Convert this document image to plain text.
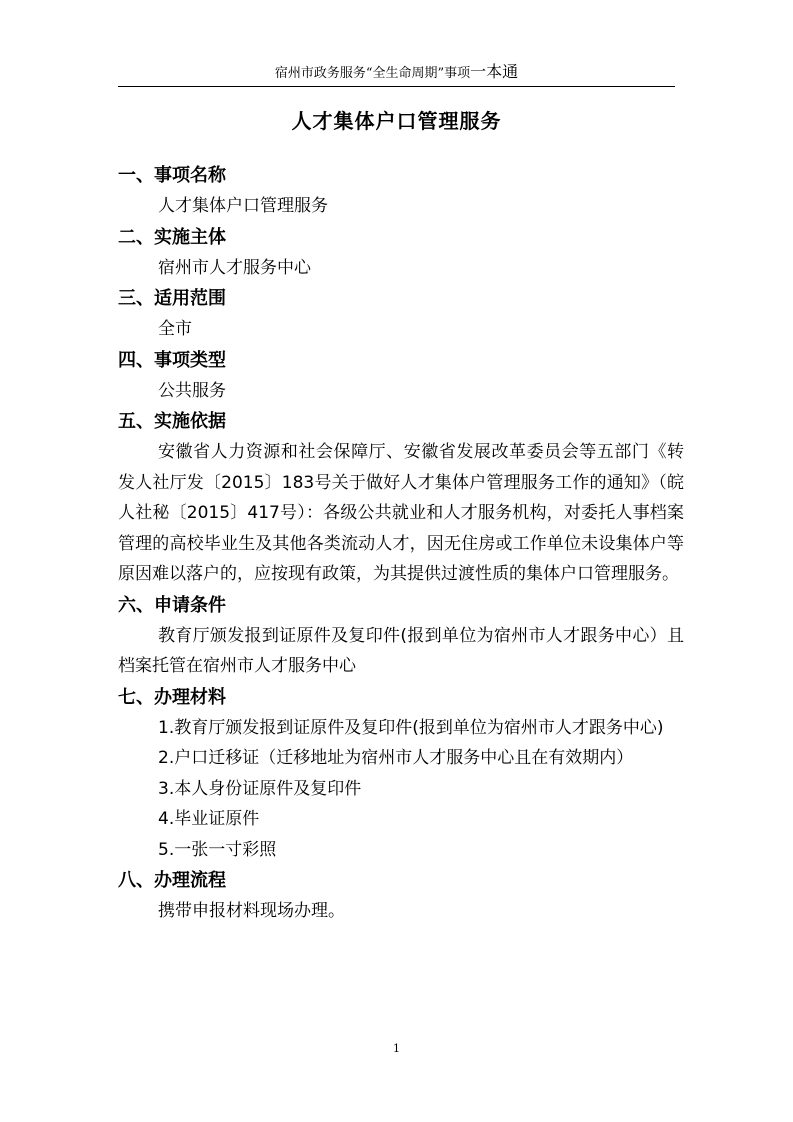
宿州市政务服务“全生命周期”事项一本通
人才集体户口管理服务
一、事项名称

人才集体户口管理服务

二、实施主体

宿州市人才服务中心

三、适用范围

全市

四、事项类型

公共服务

五、实施依据

安徽省人力资源和社会保障厅、安徽省发展改革委员会等五部门《转发人社厅发〔2015〕183号关于做好人才集体户管理服务工作的通知》（皖人社秘〔2015〕417号）：各级公共就业和人才服务机构，对委托人事档案管理的高校毕业生及其他各类流动人才，因无住房或工作单位未设集体户等原因难以落户的，应按现有政策，为其提供过渡性质的集体户口管理服务。

六、申请条件

教育厅颁发报到证原件及复印件(报到单位为宿州市人才跟务中心）且档案托管在宿州市人才服务中心

七、办理材料

1.教育厅颁发报到证原件及复印件(报到单位为宿州市人才跟务中心)

2.户口迁移证（迁移地址为宿州市人才服务中心且在有效期内）

3.本人身份证原件及复印件

4.毕业证原件

5.一张一寸彩照

八、办理流程

携带申报材料现场办理。

1
